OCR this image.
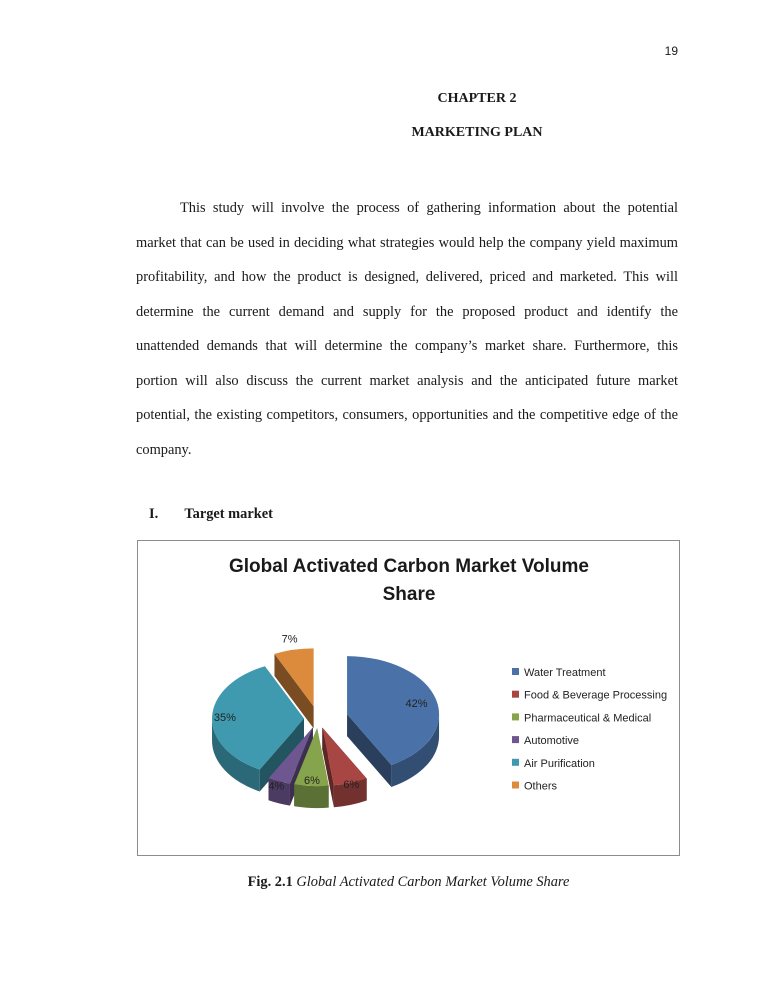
19
CHAPTER 2
MARKETING PLAN

This study will involve the process of gathering information about the potential market that can be used in deciding what strategies would help the company yield maximum profitability, and how the product is designed, delivered, priced and marketed. This will determine the current demand and supply for the proposed product and identify the unattended demands that will determine the company’s market share. Furthermore, this portion will also discuss the current market analysis and the anticipated future market potential, the existing competitors, consumers, opportunities and the competitive edge of the company.

I. Target market
Global Activated Carbon Market Volume
Share
42%
6%
6%
4%
35%
7%
Water Treatment
Food & Beverage Processing
Pharmaceutical & Medical
Automotive
Air Purification
Others
Fig. 2.1 Global Activated Carbon Market Volume Share
